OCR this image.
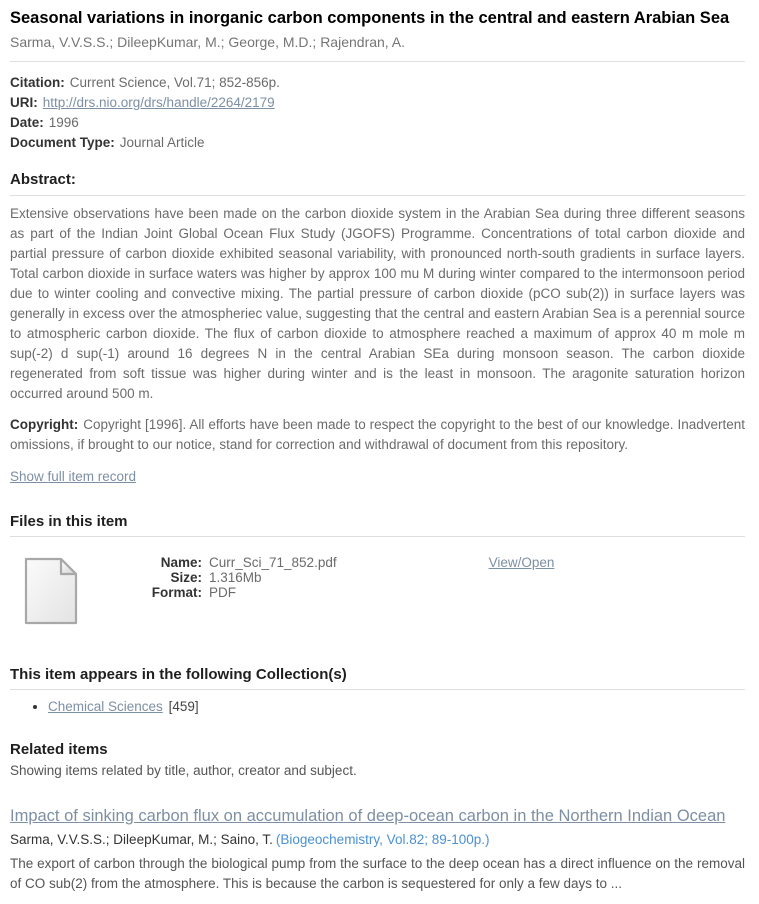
Seasonal variations in inorganic carbon components in the central and eastern Arabian Sea
Sarma, V.V.S.S.; DileepKumar, M.; George, M.D.; Rajendran, A.
Citation: Current Science, Vol.71; 852-856p.
URI: http://drs.nio.org/drs/handle/2264/2179
Date: 1996
Document Type: Journal Article
Abstract:

Extensive observations have been made on the carbon dioxide system in the Arabian Sea during three different seasons as part of the Indian Joint Global Ocean Flux Study (JGOFS) Programme. Concentrations of total carbon dioxide and partial pressure of carbon dioxide exhibited seasonal variability, with pronounced north-south gradients in surface layers. Total carbon dioxide in surface waters was higher by approx 100 mu M during winter compared to the intermonsoon period due to winter cooling and convective mixing. The partial pressure of carbon dioxide (pCO sub(2)) in surface layers was generally in excess over the atmospheriec value, suggesting that the central and eastern Arabian Sea is a perennial source to atmospheric carbon dioxide. The flux of carbon dioxide to atmosphere reached a maximum of approx 40 m mole m sup(-2) d sup(-1) around 16 degrees N in the central Arabian SEa during monsoon season. The carbon dioxide regenerated from soft tissue was higher during winter and is the least in monsoon. The aragonite saturation horizon occurred around 500 m.

Copyright: Copyright [1996]. All efforts have been made to respect the copyright to the best of our knowledge. Inadvertent omissions, if brought to our notice, stand for correction and withdrawal of document from this repository.

Show full item record
Files in this item
Name: Curr_Sci_71_852.pdf
Size: 1.316Mb
Format: PDF
View/Open
This item appears in the following Collection(s)
• Chemical Sciences [459]
Related items
Showing items related by title, author, creator and subject.
Impact of sinking carbon flux on accumulation of deep-ocean carbon in the Northern Indian Ocean
Sarma, V.V.S.S.; DileepKumar, M.; Saino, T. (Biogeochemistry, Vol.82; 89-100p.)
The export of carbon through the biological pump from the surface to the deep ocean has a direct influence on the removal of CO sub(2) from the atmosphere. This is because the carbon is sequestered for only a few days to ...
